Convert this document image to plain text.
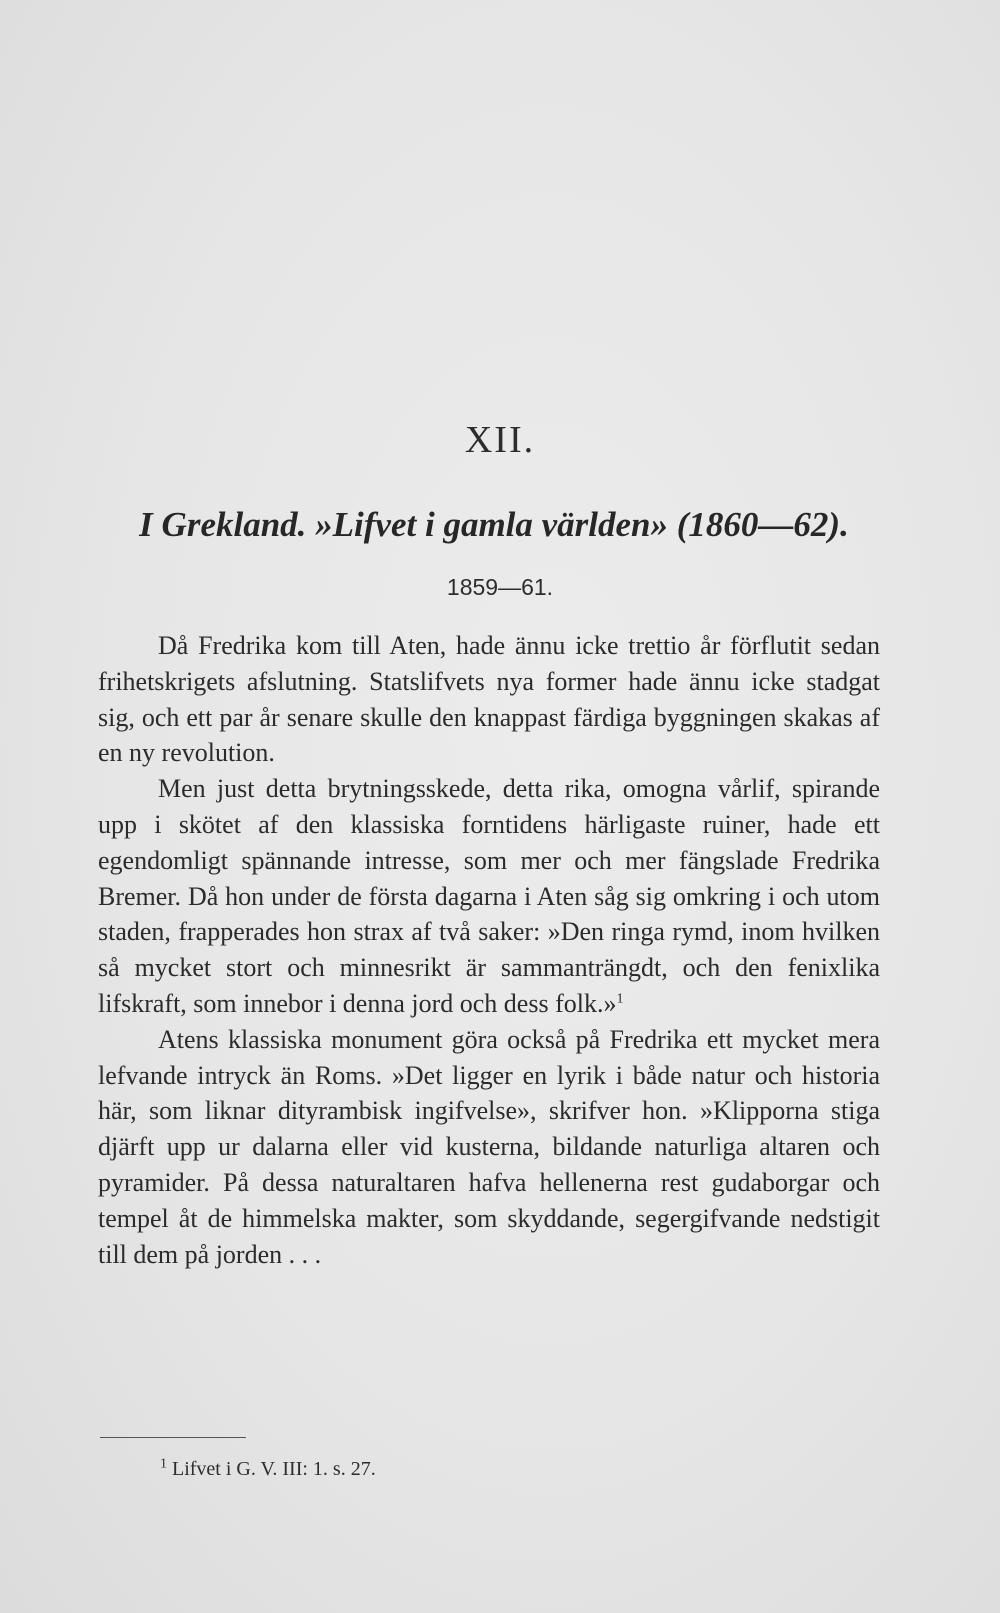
XII.
I Grekland. »Lifvet i gamla världen» (1860—62).
1859—61.

Då Fredrika kom till Aten, hade ännu icke trettio år förflutit sedan frihetskrigets afslutning. Statslifvets nya former hade ännu icke stadgat sig, och ett par år senare skulle den knappast färdiga byggningen skakas af en ny revolution.

Men just detta brytningsskede, detta rika, omogna vårlif, spirande upp i skötet af den klassiska forntidens härligaste ruiner, hade ett egendomligt spännande intresse, som mer och mer fängslade Fredrika Bremer. Då hon under de första dagarna i Aten såg sig omkring i och utom staden, frapperades hon strax af två saker: »Den ringa rymd, inom hvilken så mycket stort och minnesrikt är sammanträngdt, och den fenixlika lifskraft, som innebor i denna jord och dess folk.»$^1$

Atens klassiska monument göra också på Fredrika ett mycket mera lefvande intryck än Roms. »Det ligger en lyrik i både natur och historia här, som liknar dityrambisk ingifvelse», skrifver hon. »Klipporna stiga djärft upp ur dalarna eller vid kusterna, bildande naturliga altaren och pyramider. På dessa naturaltaren hafva hellenerna rest gudaborgar och tempel åt de himmelska makter, som skyddande, segergifvande nedstigit till dem på jorden . . .

$^1$ Lifvet i G. V. III: 1. s. 27.
